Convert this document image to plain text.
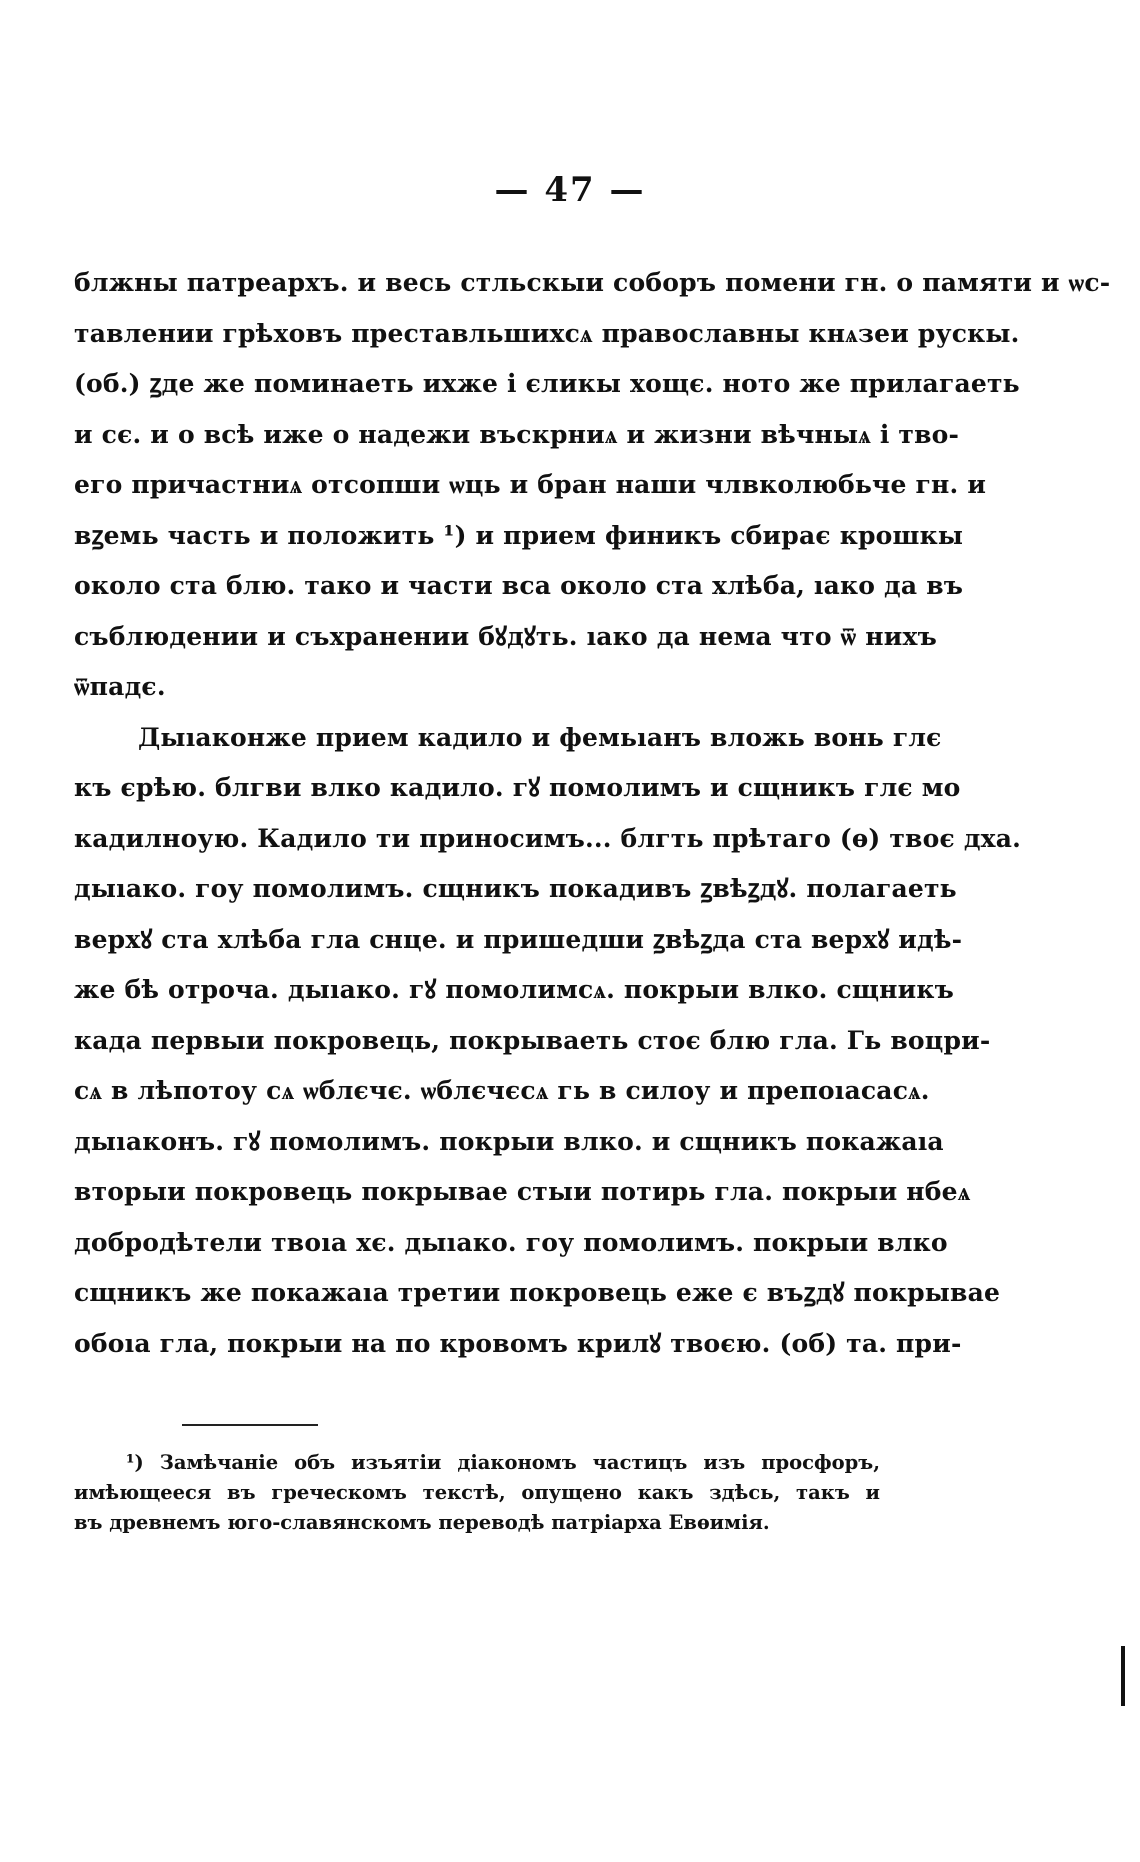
— 47 —
блжны патреархъ. и весь стльскыи соборъ помени гн. о памяти и ѡс-
тавлении грѣховъ преставльшихсѧ православны кнѧзеи рускы.
(об.) ꙁде же поминаеть ихже і єликы хощє. ното же прилагаеть
и сє. и о всѣ иже о надежи въскрниѧ и жизни вѣчныѧ і тво-
его причастниѧ отсопши ѡць и бран наши члвколюбьче гн. и
вꙁемь часть и положить ¹) и прием финикъ сбирає крошкы
около ста блю. тако и части вса около ста хлѣба, ıако да въ
съблюдении и съхранении бꙋдꙋть. ıако да нема что ѿ нихъ
ѿпадє.
Дыıаконже прием кадило и фемьıанъ вложь вонь глє
къ єрѣю. блгви влко кадило. гꙋ помолимъ и сщникъ глє мо
кадилноую. Кадило ти приносимъ... блгть прѣтаго (ѳ) твоє дха.
дыıако. гоу помолимъ. сщникъ покадивъ ꙁвѣꙁдꙋ. полагаеть
верхꙋ ста хлѣба гла снце. и пришедши ꙁвѣꙁда ста верхꙋ идѣ-
же бѣ отроча. дыıако. гꙋ помолимсѧ. покрыи влко. сщникъ
када первыи покровець, покрываеть стоє блю гла. Гь воцри-
сѧ в лѣпотоу сѧ ѡблєчє. ѡблєчєсѧ гь в силоу и препоıасасѧ.
дыıаконъ. гꙋ помолимъ. покрыи влко. и сщникъ покажаıа
вторыи покровець покрывае стыи потирь гла. покрыи нбеѧ
добродѣтели твоıа хє. дыıако. гоу помолимъ. покрыи влко
сщникъ же покажаıа третии покровець еже є въꙁдꙋ покрывае
обоıа гла, покрыи на по кровомъ крилꙋ твоєю. (об) та. при-
¹) Замѣчаніе объ изъятіи діакономъ частицъ изъ просфоръ,
имѣющееся въ греческомъ текстѣ, опущено какъ здѣсь, такъ и
въ древнемъ юго-славянскомъ переводѣ патріарха Евѳимія.
